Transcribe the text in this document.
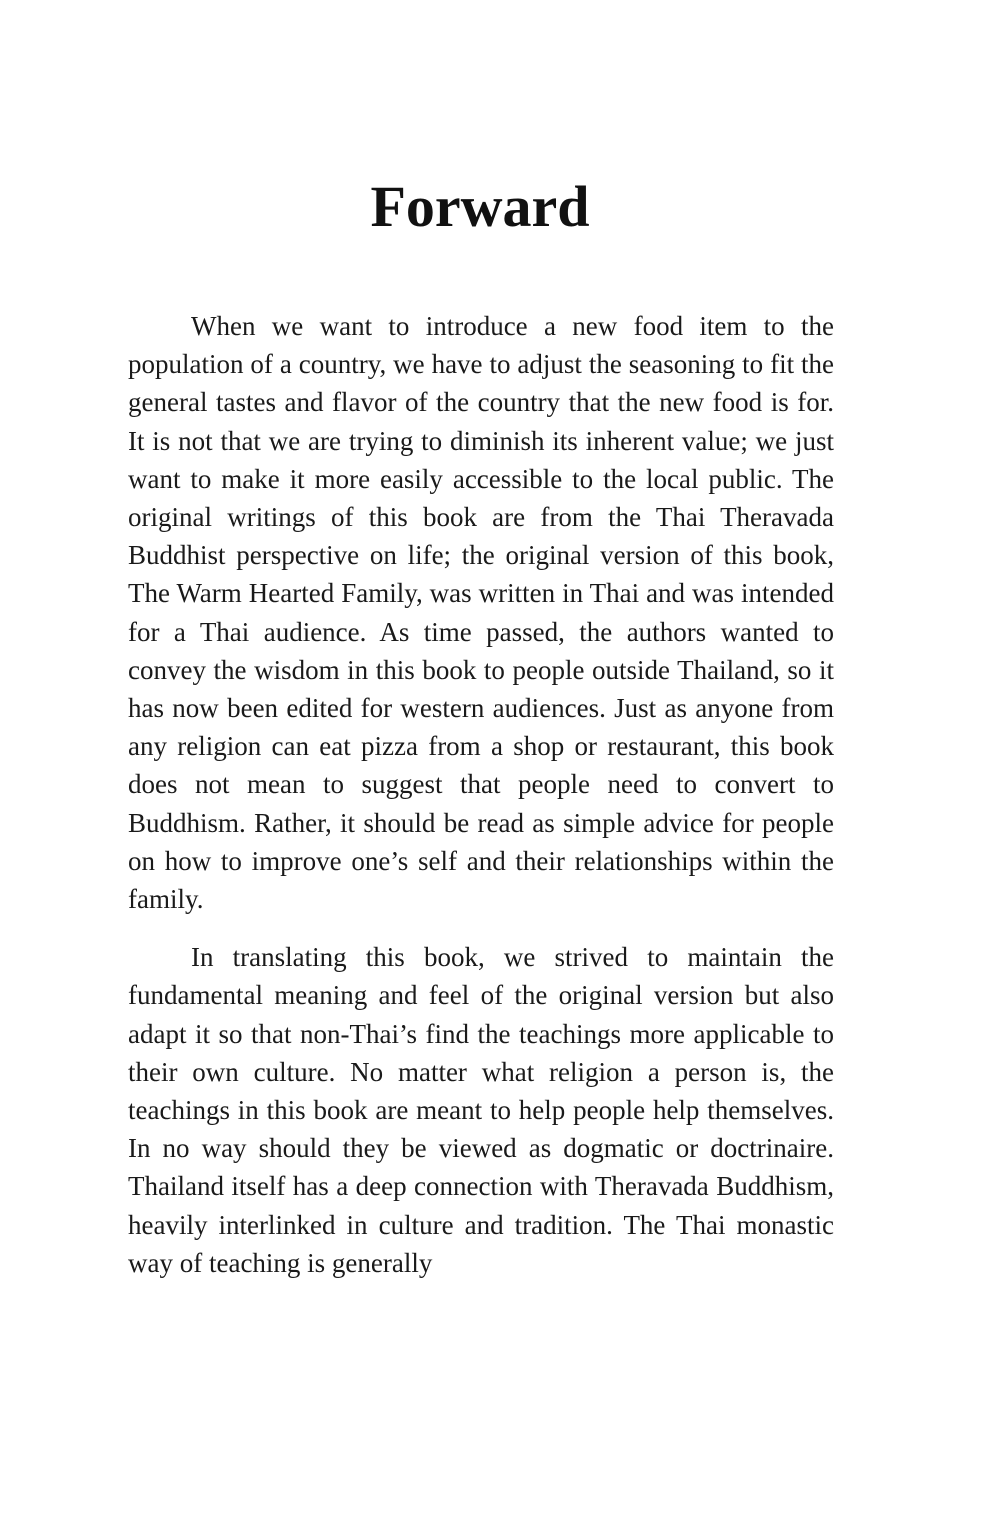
Forward

When we want to introduce a new food item to the population of a country, we have to adjust the seasoning to fit the general tastes and flavor of the country that the new food is for. It is not that we are trying to diminish its inherent value; we just want to make it more easily accessible to the local public. The original writings of this book are from the Thai Theravada Buddhist perspective on life; the original version of this book, The Warm Hearted Family, was written in Thai and was intended for a Thai audience. As time passed, the authors wanted to convey the wisdom in this book to people outside Thailand, so it has now been edited for western audiences. Just as anyone from any religion can eat pizza from a shop or restaurant, this book does not mean to suggest that people need to convert to Buddhism. Rather, it should be read as simple advice for people on how to improve one’s self and their relationships within the family.

In translating this book, we strived to maintain the fundamental meaning and feel of the original version but also adapt it so that non-Thai’s find the teachings more applicable to their own culture. No matter what religion a person is, the teachings in this book are meant to help people help themselves. In no way should they be viewed as dogmatic or doctrinaire. Thailand itself has a deep connection with Theravada Buddhism, heavily interlinked in culture and tradition. The Thai monastic way of teaching is generally
